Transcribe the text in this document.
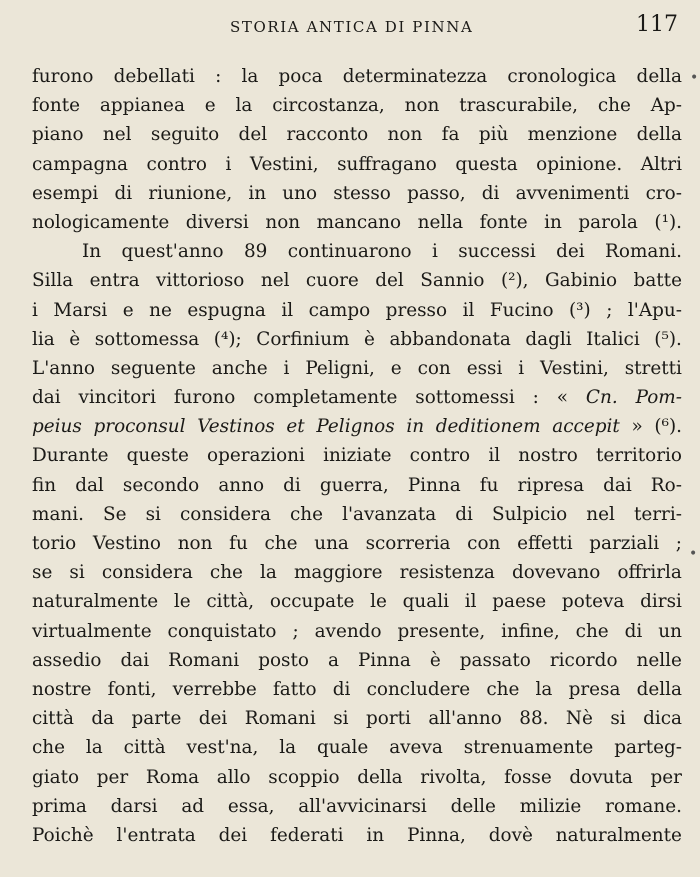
STORIA ANTICA DI PINNA	117
•
•
furono debellati : la poca determinatezza cronologica della
fonte appianea e la circostanza, non trascurabile, che Ap-
piano nel seguito del racconto non fa più menzione della
campagna contro i Vestini, suffragano questa opinione. Altri
esempi di riunione, in uno stesso passo, di avvenimenti cro-
nologicamente diversi non mancano nella fonte in parola (¹).
In quest'anno 89 continuarono i successi dei Romani.
Silla entra vittorioso nel cuore del Sannio (²), Gabinio batte
i Marsi e ne espugna il campo presso il Fucino (³) ; l'Apu-
lia è sottomessa (⁴); Corfinium è abbandonata dagli Italici (⁵).
L'anno seguente anche i Peligni, e con essi i Vestini, stretti
dai vincitori furono completamente sottomessi : « Cn. Pom-
peius proconsul Vestinos et Pelignos in deditionem accepit » (⁶).
Durante queste operazioni iniziate contro il nostro territorio
fin dal secondo anno di guerra, Pinna fu ripresa dai Ro-
mani. Se si considera che l'avanzata di Sulpicio nel terri-
torio Vestino non fu che una scorreria con effetti parziali ;
se si considera che la maggiore resistenza dovevano offrirla
naturalmente le città, occupate le quali il paese poteva dirsi
virtualmente conquistato ; avendo presente, infine, che di un
assedio dai Romani posto a Pinna è passato ricordo nelle
nostre fonti, verrebbe fatto di concludere che la presa della
città da parte dei Romani si porti all'anno 88. Nè si dica
che la città vest'na, la quale aveva strenuamente parteg-
giato per Roma allo scoppio della rivolta, fosse dovuta per
prima darsi ad essa, all'avvicinarsi delle milizie romane.
Poichè l'entrata dei federati in Pinna, dovè naturalmente
